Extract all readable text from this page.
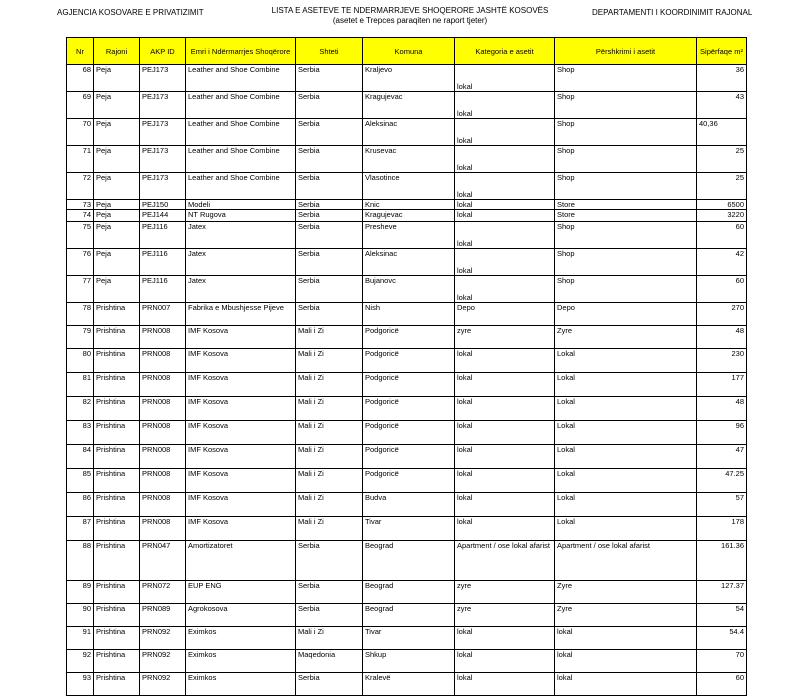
AGJENCIA KOSOVARE E PRIVATIZIMIT	LISTA E ASETEVE TE NDERMARRJEVE SHOQERORE JASHTË KOSOVËS
(asetet e Trepces paraqiten ne raport tjeter)
DEPARTAMENTI I KOORDINIMIT RAJONAL
Nr	Rajoni	AKP ID	Emri i Ndërmarrjes Shoqërore	Shteti	Komuna	Kategoria e asetit	Përshkrimi i asetit	Sipërfaqe m²
68	Peja	PEJ173	Leather and Shoe Combine	Serbia	Kraljevo	lokal	Shop	36
69	Peja	PEJ173	Leather and Shoe Combine	Serbia	Kragujevac	lokal	Shop	43
70	Peja	PEJ173	Leather and Shoe Combine	Serbia	Aleksinac	lokal	Shop	40,36
71	Peja	PEJ173	Leather and Shoe Combine	Serbia	Krusevac	lokal	Shop	25
72	Peja	PEJ173	Leather and Shoe Combine	Serbia	Vlasotince	lokal	Shop	25
73	Peja	PEJ150	Modeli	Serbia	Knic	lokal	Store	6500
74	Peja	PEJ144	NT Rugova	Serbia	Kragujevac	lokal	Store	3220
75	Peja	PEJ116	Jatex	Serbia	Presheve	lokal	Shop	60
76	Peja	PEJ116	Jatex	Serbia	Aleksinac	lokal	Shop	42
77	Peja	PEJ116	Jatex	Serbia	Bujanovc	lokal	Shop	60
78	Prishtina	PRN007	Fabrika e Mbushjesse Pijeve	Serbia	Nish	Depo	Depo	270
79	Prishtina	PRN008	IMF Kosova	Mali i Zi	Podgoricë	zyre	Zyre	48
80	Prishtina	PRN008	IMF Kosova	Mali i Zi	Podgoricë	lokal	Lokal	230
81	Prishtina	PRN008	IMF Kosova	Mali i Zi	Podgoricë	lokal	Lokal	177
82	Prishtina	PRN008	IMF Kosova	Mali i Zi	Podgoricë	lokal	Lokal	48
83	Prishtina	PRN008	IMF Kosova	Mali i Zi	Podgoricë	lokal	Lokal	96
84	Prishtina	PRN008	IMF Kosova	Mali i Zi	Podgoricë	lokal	Lokal	47
85	Prishtina	PRN008	IMF Kosova	Mali i Zi	Podgoricë	lokal	Lokal	47.25
86	Prishtina	PRN008	IMF Kosova	Mali i Zi	Budva	lokal	Lokal	57
87	Prishtina	PRN008	IMF Kosova	Mali i Zi	Tivar	lokal	Lokal	178
88	Prishtina	PRN047	Amortizatoret	Serbia	Beograd	Apartment / ose lokal afarist	Apartment / ose lokal afarist	161.36
89	Prishtina	PRN072	EUP ENG	Serbia	Beograd	zyre	Zyre	127.37
90	Prishtina	PRN089	Agrokosova	Serbia	Beograd	zyre	Zyre	54
91	Prishtina	PRN092	Eximkos	Mali i Zi	Tivar	lokal	lokal	54.4
92	Prishtina	PRN092	Eximkos	Maqedonia	Shkup	lokal	lokal	70
93	Prishtina	PRN092	Eximkos	Serbia	Kralevë	lokal	lokal	60
